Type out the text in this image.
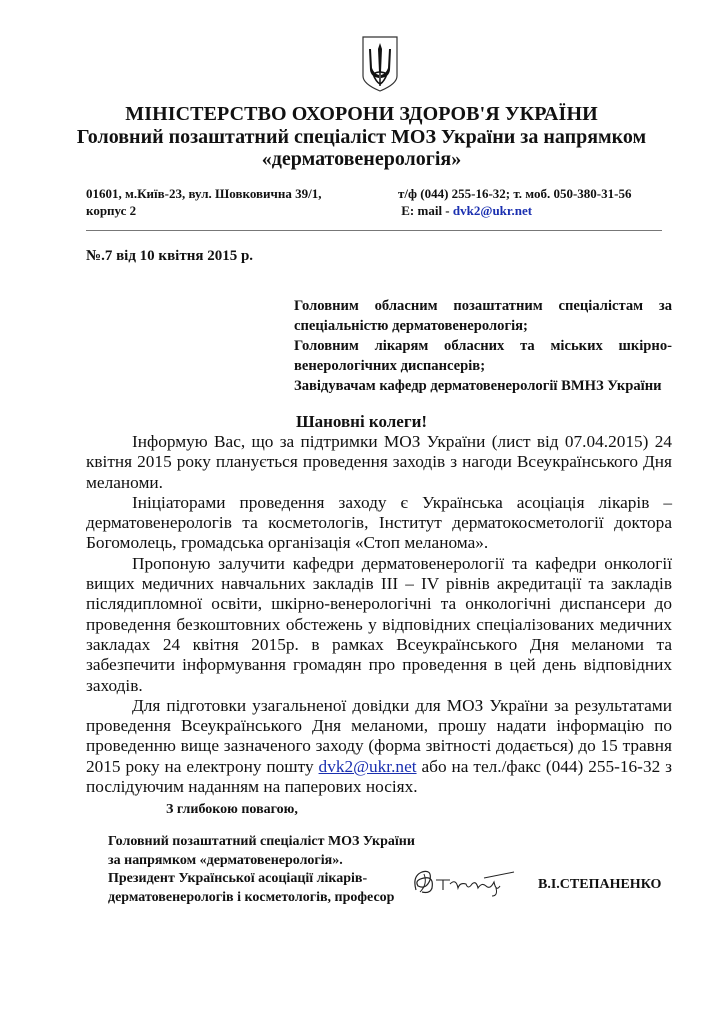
МІНІСТЕРСТВО ОХОРОНИ ЗДОРОВ'Я УКРАЇНИ
Головний позаштатний спеціаліст МОЗ України за напрямком
«дерматовенерологія»
01601, м.Київ-23, вул. Шовковична 39/1,
корпус 2
т/ф (044) 255-16-32; т. моб. 050-380-31-56
E: mail - dvk2@ukr.net
№.7 від 10 квітня 2015 р.
Головним обласним позаштатним спеціалістам за спеціальністю дерматовенерологія;
Головним лікарям обласних та міських шкірно-венерологічних диспансерів;
Завідувачам кафедр дерматовенерології ВМНЗ України
Шановні колеги!

Інформую Вас, що за підтримки МОЗ України (лист від 07.04.2015) 24 квітня 2015 року планується проведення заходів з нагоди Всеукраїнського Дня меланоми.

Ініціаторами проведення заходу є Українська асоціація лікарів – дерматовенерологів та косметологів, Інститут дерматокосметології доктора Богомолець, громадська організація «Стоп меланома».

Пропоную залучити кафедри дерматовенерології та кафедри онкології вищих медичних навчальних закладів ІІІ – ІV рівнів акредитації та закладів післядипломної освіти, шкірно-венерологічні та онкологічні диспансери до проведення безкоштовних обстежень у відповідних спеціалізованих медичних закладах 24 квітня 2015р. в рамках Всеукраїнського Дня меланоми та забезпечити інформування громадян про проведення в цей день відповідних заходів.

Для підготовки узагальненої довідки для МОЗ України за результатами проведення Всеукраїнського Дня меланоми, прошу надати інформацію по проведенню вище зазначеного заходу (форма звітності додається) до 15 травня 2015 року на електрону пошту dvk2@ukr.net або на тел./факс (044) 255-16-32 з послідуючим наданням на паперових носіях.

З глибокою повагою,
Головний позаштатний спеціаліст МОЗ України
за напрямком «дерматовенерологія».
Президент Української асоціації лікарів-
дерматовенерологів і косметологів, професор
В.І.СТЕПАНЕНКО
